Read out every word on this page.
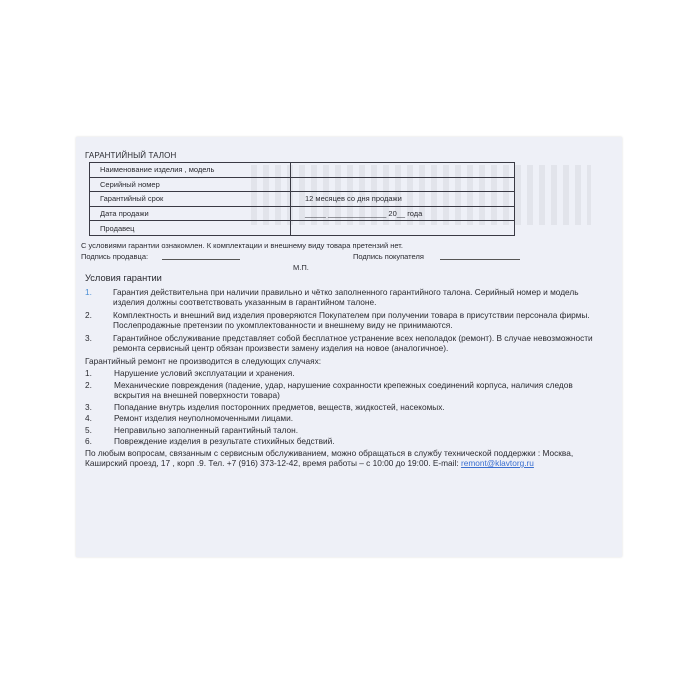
ГАРАНТИЙНЫЙ ТАЛОН
Наименование изделия , модель	
Серийный номер	
Гарантийный срок	12 месяцев со дня продажи
Дата продажи	_____ ______________ 20__ года
Продавец	
С условиями гарантии ознакомлен. К комплектации и внешнему виду товара претензий нет.
Подпись продавца:	Подпись покупателя
М.П.
Условия гарантии
1.	Гарантия действительна при наличии правильно и чётко заполненного гарантийного талона. Серийный номер и модель изделия должны соответствовать указанным в гарантийном талоне.
2.	Комплектность и внешний вид изделия проверяются Покупателем при получении товара в присутствии персонала фирмы. Послепродажные претензии по укомплектованности и внешнему виду не принимаются.
3.	Гарантийное обслуживание представляет собой бесплатное устранение всех неполадок (ремонт). В случае невозможности ремонта сервисный центр обязан произвести замену изделия на новое (аналогичное).
Гарантийный ремонт не производится в следующих случаях:
1.	Нарушение условий эксплуатации и хранения.
2.	Механические повреждения (падение, удар, нарушение сохранности крепежных соединений корпуса, наличия следов вскрытия на внешней поверхности товара)
3.	Попадание внутрь изделия посторонних предметов, веществ, жидкостей, насекомых.
4.	Ремонт изделия неуполномоченными лицами.
5.	Неправильно заполненный гарантийный талон.
6.	Повреждение изделия в результате стихийных бедствий.
По любым вопросам, связанным с сервисным обслуживанием, можно обращаться в службу технической поддержки : Москва, Каширский проезд, 17 , корп .9. Тел. +7 (916) 373-12-42, время работы – с 10:00 до 19:00. E-mail: remont@klavtorg.ru
